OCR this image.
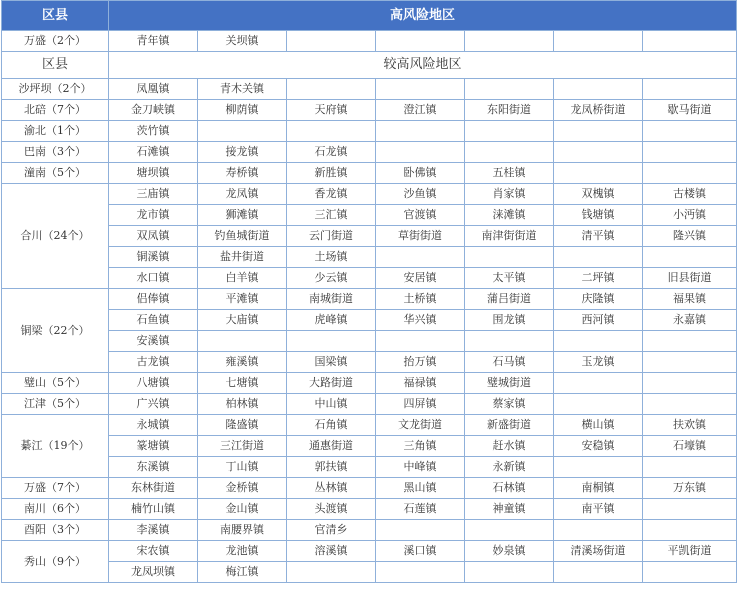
区县	高风险地区						
万盛（2个）	青年镇	关坝镇					
区县	较高风险地区						
沙坪坝（2个）	凤凰镇	青木关镇					
北碚（7个）	金刀峡镇	柳荫镇	天府镇	澄江镇	东阳街道	龙凤桥街道	歇马街道
渝北（1个）	茨竹镇						
巴南（3个）	石滩镇	接龙镇	石龙镇				
潼南（5个）	塘坝镇	寿桥镇	新胜镇	卧佛镇	五桂镇		
合川（24个）	三庙镇	龙凤镇	香龙镇	沙鱼镇	肖家镇	双槐镇	古楼镇
	龙市镇	狮滩镇	三汇镇	官渡镇	涞滩镇	钱塘镇	小沔镇
	双凤镇	钓鱼城街道	云门街道	草街街道	南津街街道	清平镇	隆兴镇
	铜溪镇	盐井街道	土场镇				
	水口镇	白羊镇	少云镇	安居镇	太平镇	二坪镇	旧县街道
铜梁（22个）	侣俸镇	平滩镇	南城街道	土桥镇	蒲吕街道	庆隆镇	福果镇
	石鱼镇	大庙镇	虎峰镇	华兴镇	围龙镇	西河镇	永嘉镇
	安溪镇						
	古龙镇	雍溪镇	国梁镇	抬万镇	石马镇	玉龙镇	
璧山（5个）	八塘镇	七塘镇	大路街道	福禄镇	璧城街道		
江津（5个）	广兴镇	柏林镇	中山镇	四屏镇	蔡家镇		
綦江（19个）	永城镇	隆盛镇	石角镇	文龙街道	新盛街道	横山镇	扶欢镇
	篆塘镇	三江街道	通惠街道	三角镇	赶水镇	安稳镇	石壕镇
	东溪镇	丁山镇	郭扶镇	中峰镇	永新镇		
万盛（7个）	东林街道	金桥镇	丛林镇	黑山镇	石林镇	南桐镇	万东镇
南川（6个）	楠竹山镇	金山镇	头渡镇	石莲镇	神童镇	南平镇	
酉阳（3个）	李溪镇	南腰界镇	官清乡				
秀山（9个）	宋农镇	龙池镇	溶溪镇	溪口镇	妙泉镇	清溪场街道	平凯街道
	龙凤坝镇	梅江镇					
